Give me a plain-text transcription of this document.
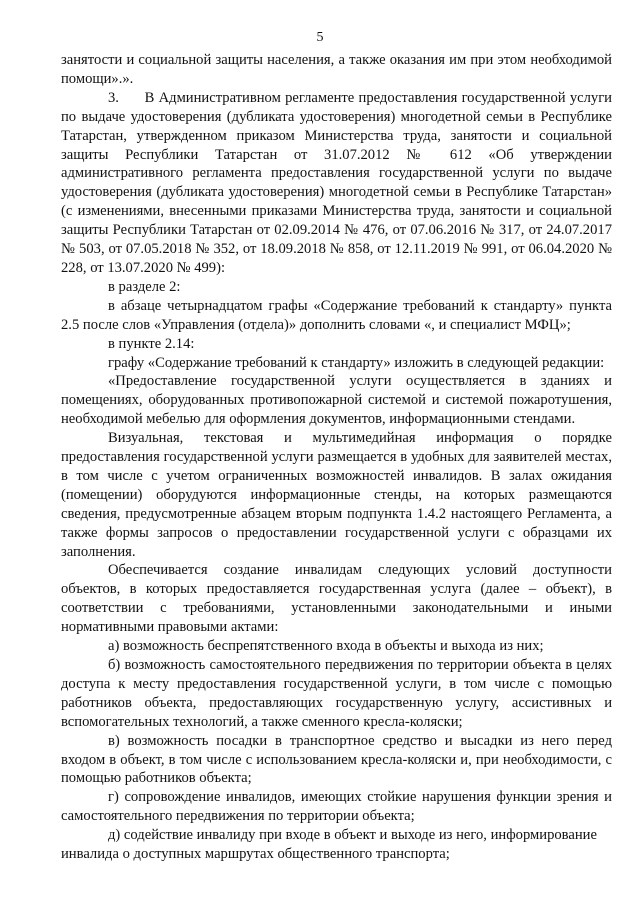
5

занятости и социальной защиты населения, а также оказания им при этом необходимой помощи».».

3.      В Административном регламенте предоставления государственной услуги по выдаче удостоверения (дубликата удостоверения) многодетной семьи в Республике Татарстан, утвержденном приказом Министерства труда, занятости и социальной защиты Республики Татарстан от 31.07.2012 № 612 «Об утверждении административного регламента предоставления государственной услуги по выдаче удостоверения (дубликата удостоверения) многодетной семьи в Республике Татарстан» (с изменениями, внесенными приказами Министерства труда, занятости и социальной защиты Республики Татарстан от 02.09.2014 № 476, от 07.06.2016 № 317, от 24.07.2017 № 503, от 07.05.2018 № 352, от 18.09.2018 № 858, от 12.11.2019 № 991, от 06.04.2020 № 228, от 13.07.2020 № 499):

в разделе 2:

в абзаце четырнадцатом графы «Содержание требований к стандарту» пункта 2.5 после слов «Управления (отдела)» дополнить словами «, и специалист МФЦ»;

в пункте 2.14:

графу «Содержание требований к стандарту» изложить в следующей редакции:

«Предоставление государственной услуги осуществляется в зданиях и помещениях, оборудованных противопожарной системой и системой пожаротушения, необходимой мебелью для оформления документов, информационными стендами.

Визуальная, текстовая и мультимедийная информация о порядке предоставления государственной услуги размещается в удобных для заявителей местах, в том числе с учетом ограниченных возможностей инвалидов. В залах ожидания (помещении) оборудуются информационные стенды, на которых размещаются сведения, предусмотренные абзацем вторым подпункта 1.4.2 настоящего Регламента, а также формы запросов о предоставлении государственной услуги с образцами их заполнения.

Обеспечивается создание инвалидам следующих условий доступности объектов, в которых предоставляется государственная услуга (далее – объект), в соответствии с требованиями, установленными законодательными и иными нормативными правовыми актами:

а) возможность беспрепятственного входа в объекты и выхода из них;

б) возможность самостоятельного передвижения по территории объекта в целях доступа к месту предоставления государственной услуги, в том числе с помощью работников объекта, предоставляющих государственную услугу, ассистивных и вспомогательных технологий, а также сменного кресла-коляски;

в) возможность посадки в транспортное средство и высадки из него перед входом в объект, в том числе с использованием кресла-коляски и, при необходимости, с помощью работников объекта;

г) сопровождение инвалидов, имеющих стойкие нарушения функции зрения и самостоятельного передвижения по территории объекта;

д) содействие инвалиду при входе в объект и выходе из него, информирование инвалида о доступных маршрутах общественного транспорта;
